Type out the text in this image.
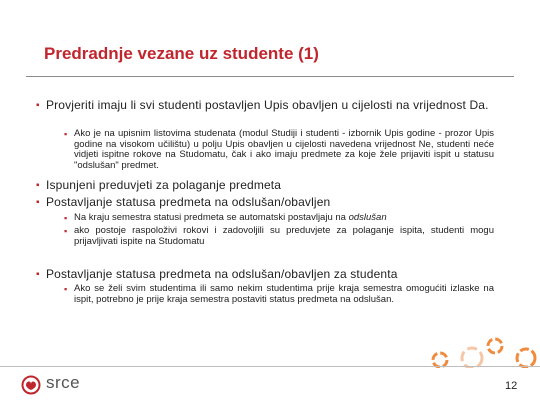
Predradnje vezane uz studente (1)
▪ Provjeriti imaju li svi studenti postavljen Upis obavljen u cijelosti na vrijednost Da.
▪ Ako je na upisnim listovima studenata (modul Studiji i studenti - izbornik Upis godine - prozor Upis godine na visokom učilištu) u polju Upis obavljen u cijelosti navedena vrijednost Ne, studenti neće vidjeti ispitne rokove na Studomatu, čak i ako imaju predmete za koje žele prijaviti ispit u statusu "odslušan" predmet.
▪ Ispunjeni preduvjeti za polaganje predmeta
▪ Postavljanje statusa predmeta na odslušan/obavljen
▪ Na kraju semestra statusi predmeta se automatski postavljaju na odslušan
▪ ako postoje raspoloživi rokovi i zadovoljili su preduvjete za polaganje ispita, studenti mogu prijavljivati ispite na Studomatu
▪ Postavljanje statusa predmeta na odslušan/obavljen za studenta
▪ Ako se želi svim studentima ili samo nekim studentima prije kraja semestra omogućiti izlaske na ispit, potrebno je prije kraja semestra postaviti status predmeta na odslušan.
srce	12
